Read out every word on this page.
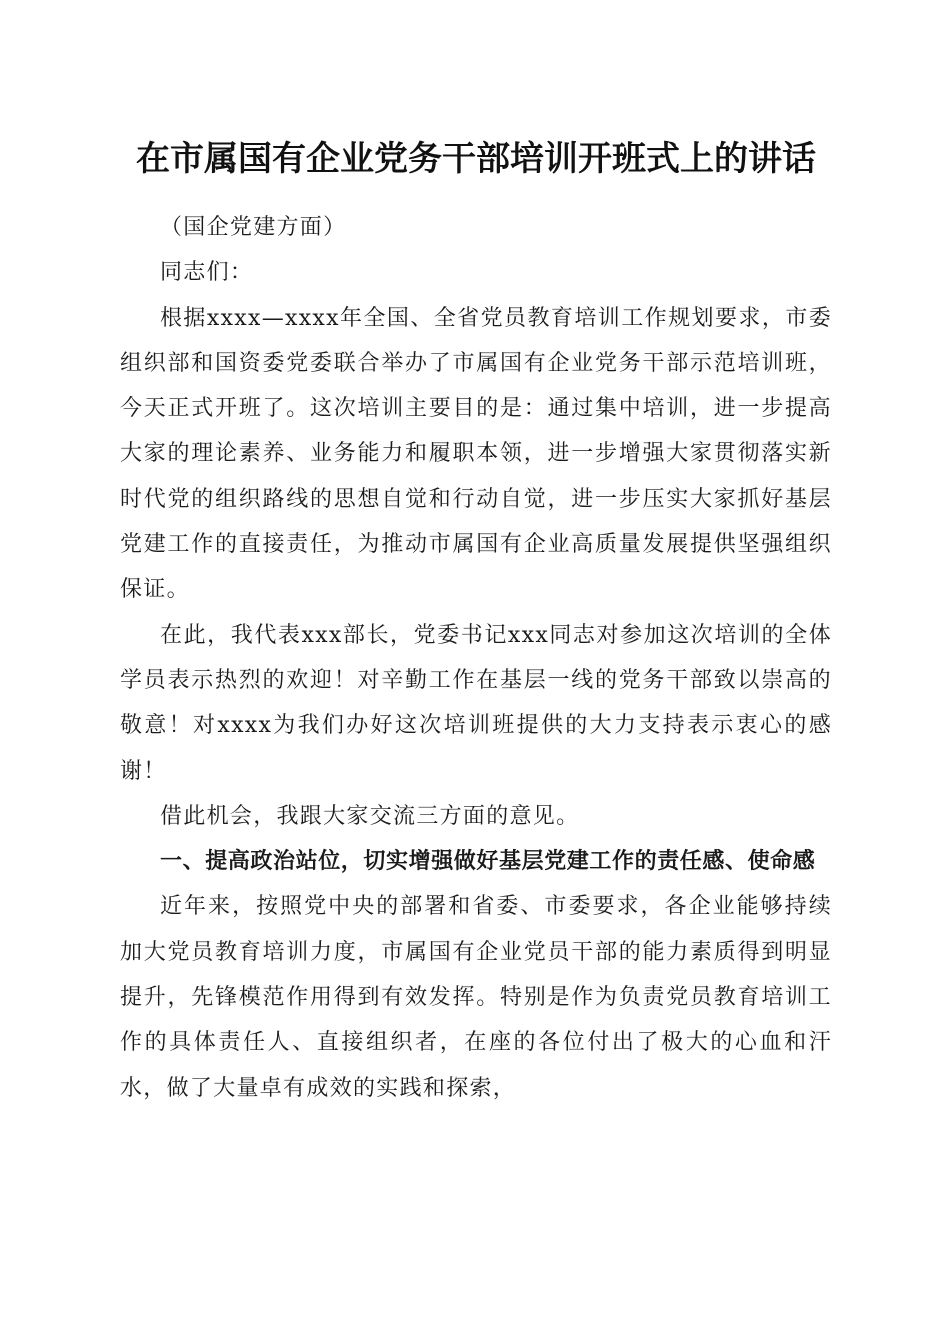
在市属国有企业党务干部培训开班式上的讲话

（国企党建方面）

同志们：

根据xxxx—xxxx年全国、全省党员教育培训工作规划要求，市委组织部和国资委党委联合举办了市属国有企业党务干部示范培训班，今天正式开班了。这次培训主要目的是：通过集中培训，进一步提高大家的理论素养、业务能力和履职本领，进一步增强大家贯彻落实新时代党的组织路线的思想自觉和行动自觉，进一步压实大家抓好基层党建工作的直接责任，为推动市属国有企业高质量发展提供坚强组织保证。

在此，我代表xxx部长，党委书记xxx同志对参加这次培训的全体学员表示热烈的欢迎！对辛勤工作在基层一线的党务干部致以崇高的敬意！对xxxx为我们办好这次培训班提供的大力支持表示衷心的感谢！

借此机会，我跟大家交流三方面的意见。

一、提高政治站位，切实增强做好基层党建工作的责任感、使命感

近年来，按照党中央的部署和省委、市委要求，各企业能够持续加大党员教育培训力度，市属国有企业党员干部的能力素质得到明显提升，先锋模范作用得到有效发挥。特别是作为负责党员教育培训工作的具体责任人、直接组织者，在座的各位付出了极大的心血和汗水，做了大量卓有成效的实践和探索，
